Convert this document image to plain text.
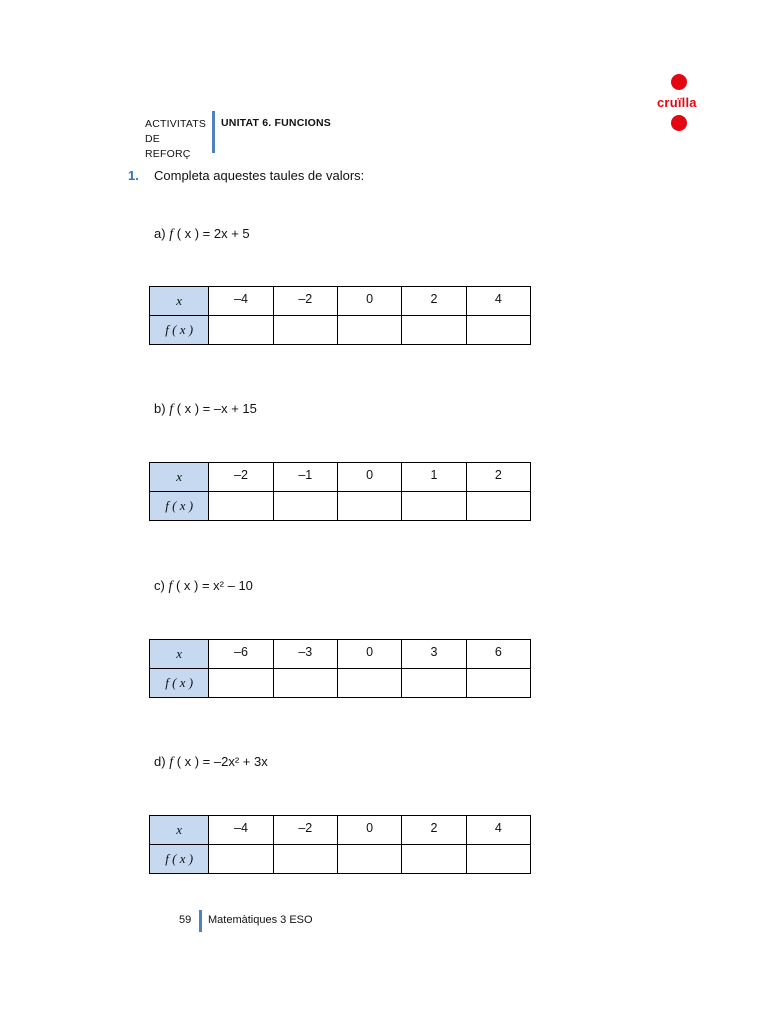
ACTIVITATS
DE REFORÇ
UNITAT 6. FUNCIONS
cruïlla
1. Completa aquestes taules de valors:
a) f ( x ) = 2x + 5
x	–4	–2	0	2	4
f ( x )					
b) f ( x ) = –x + 15
x	–2	–1	0	1	2
f ( x )					
c) f ( x ) = x² – 10
x	–6	–3	0	3	6
f ( x )					
d) f ( x ) = –2x² + 3x
x	–4	–2	0	2	4
f ( x )					
59 Matemàtiques 3 ESO
